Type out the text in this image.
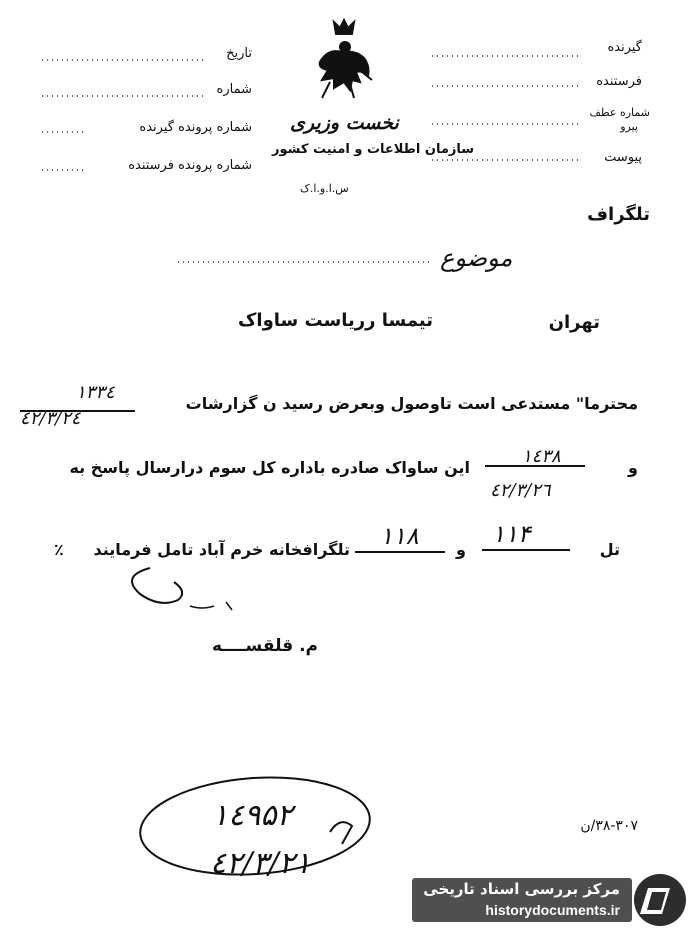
گیرنده
فرستنده
شماره عطف
پیرو
پیوست
تاریخ
شماره
شماره پرونده گیرنده
شماره پرونده فرستنده
نخست وزیری
سازمان اطلاعات و امنیت کشور
س.ا.و.ا.ک
تلگراف
موضوع
تهران
تیمسا رریاست ساواک
محترما" مستدعی است تاوصول وبعرض رسید ن گزارشات
۱۳۳٤
٤۲/۳/۲٤
و
۱٤۳۸
این ساواک صادره باداره کل سوم درارسال پاسخ به
٤۲/۳/۲٦
تل
۱۱۴
و
۱۱۸
تلگرافخانه خرم آباد تامل فرمایند
٪
م. قلقســــه
۱٤۹۵۲
٤۲/۳/۲۱
۳۸-۳۰۷/ن
مرکز بررسی اسناد تاریخی
historydocuments.ir
